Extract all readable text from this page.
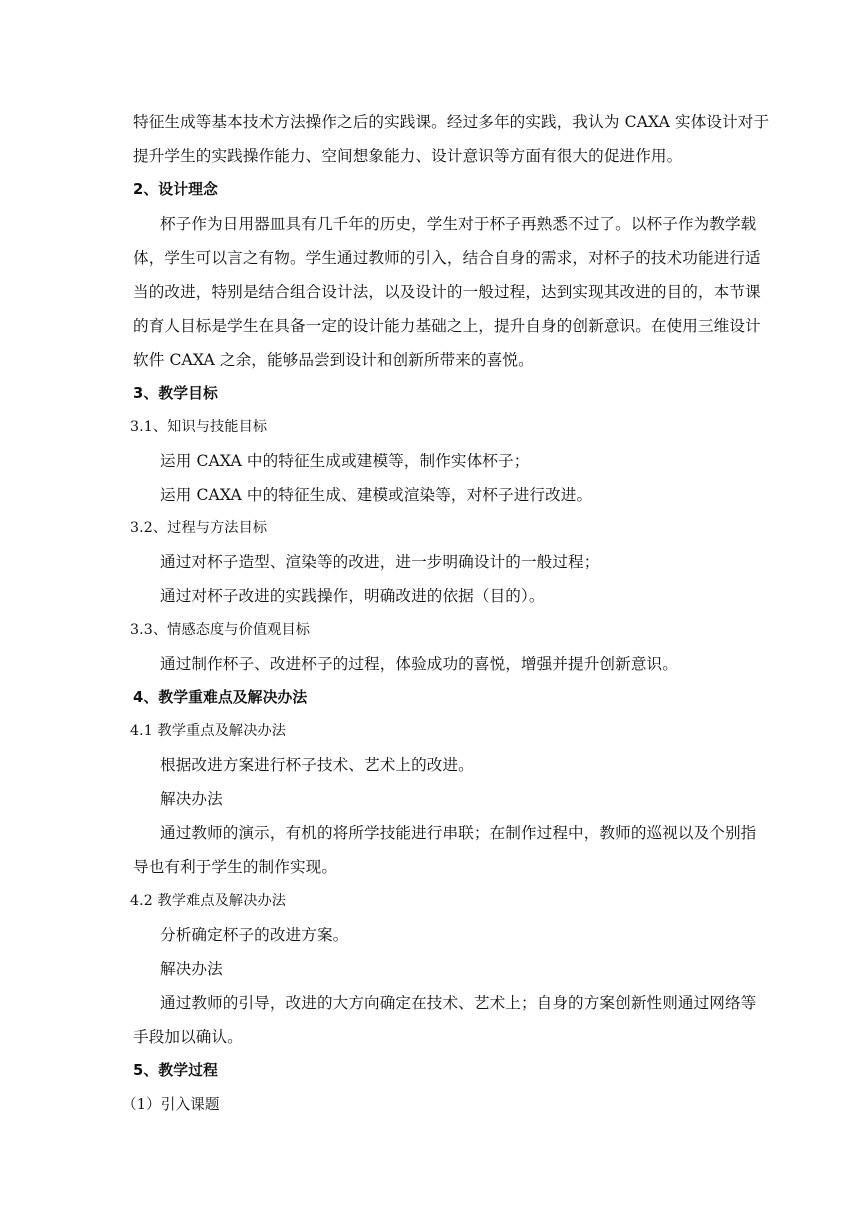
特征生成等基本技术方法操作之后的实践课。经过多年的实践，我认为 CAXA 实体设计对于
提升学生的实践操作能力、空间想象能力、设计意识等方面有很大的促进作用。
2、设计理念
杯子作为日用器皿具有几千年的历史，学生对于杯子再熟悉不过了。以杯子作为教学载
体，学生可以言之有物。学生通过教师的引入，结合自身的需求，对杯子的技术功能进行适
当的改进，特别是结合组合设计法，以及设计的一般过程，达到实现其改进的目的，本节课
的育人目标是学生在具备一定的设计能力基础之上，提升自身的创新意识。在使用三维设计
软件 CAXA 之余，能够品尝到设计和创新所带来的喜悦。
3、教学目标
3.1、知识与技能目标
运用 CAXA 中的特征生成或建模等，制作实体杯子；
运用 CAXA 中的特征生成、建模或渲染等，对杯子进行改进。
3.2、过程与方法目标
通过对杯子造型、渲染等的改进，进一步明确设计的一般过程；
通过对杯子改进的实践操作，明确改进的依据（目的）。
3.3、情感态度与价值观目标
通过制作杯子、改进杯子的过程，体验成功的喜悦，增强并提升创新意识。
4、教学重难点及解决办法
4.1 教学重点及解决办法
根据改进方案进行杯子技术、艺术上的改进。
解决办法
通过教师的演示，有机的将所学技能进行串联；在制作过程中，教师的巡视以及个别指
导也有利于学生的制作实现。
4.2 教学难点及解决办法
分析确定杯子的改进方案。
解决办法
通过教师的引导，改进的大方向确定在技术、艺术上；自身的方案创新性则通过网络等
手段加以确认。
5、教学过程
（1）引入课题
